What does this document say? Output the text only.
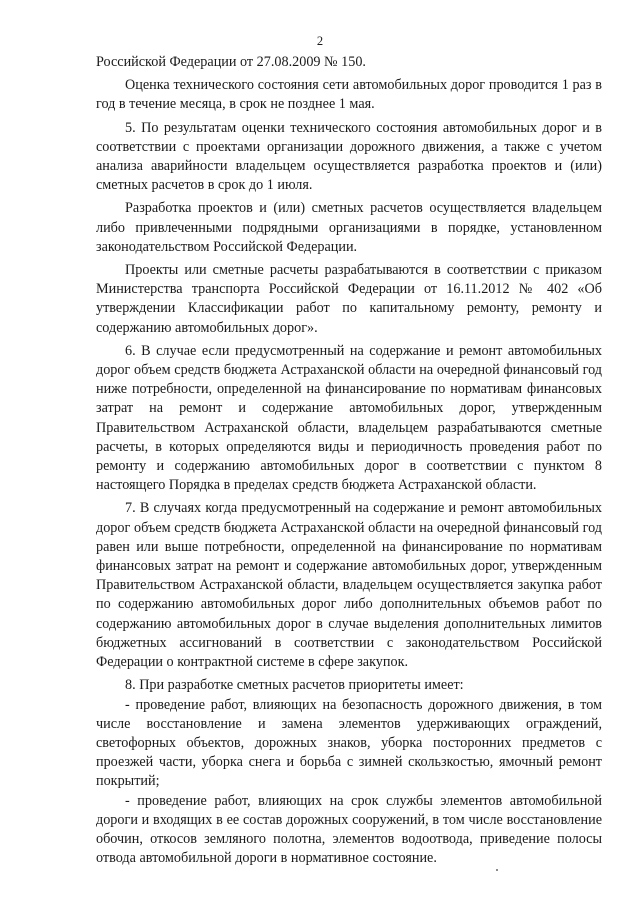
2

Российской Федерации от 27.08.2009 № 150.

Оценка технического состояния сети автомобильных дорог проводится 1 раз в год в течение месяца, в срок не позднее 1 мая.

5. По результатам оценки технического состояния автомобильных дорог и в соответствии с проектами организации дорожного движения, а также с учетом анализа аварийности владельцем осуществляется разработка проектов и (или) сметных расчетов в срок до 1 июля.

Разработка проектов и (или) сметных расчетов осуществляется владельцем либо привлеченными подрядными организациями в порядке, установленном законодательством Российской Федерации.

Проекты или сметные расчеты разрабатываются в соответствии с приказом Министерства транспорта Российской Федерации от 16.11.2012 № 402 «Об утверждении Классификации работ по капитальному ремонту, ремонту и содержанию автомобильных дорог».

6. В случае если предусмотренный на содержание и ремонт автомобильных дорог объем средств бюджета Астраханской области на очередной финансовый год ниже потребности, определенной на финансирование по нормативам финансовых затрат на ремонт и содержание автомобильных дорог, утвержденным Правительством Астраханской области, владельцем разрабатываются сметные расчеты, в которых определяются виды и периодичность проведения работ по ремонту и содержанию автомобильных дорог в соответствии с пунктом 8 настоящего Порядка в пределах средств бюджета Астраханской области.

7. В случаях когда предусмотренный на содержание и ремонт автомобильных дорог объем средств бюджета Астраханской области на очередной финансовый год равен или выше потребности, определенной на финансирование по нормативам финансовых затрат на ремонт и содержание автомобильных дорог, утвержденным Правительством Астраханской области, владельцем осуществляется закупка работ по содержанию автомобильных дорог либо дополнительных объемов работ по содержанию автомобильных дорог в случае выделения дополнительных лимитов бюджетных ассигнований в соответствии с законодательством Российской Федерации о контрактной системе в сфере закупок.

8. При разработке сметных расчетов приоритеты имеет:

- проведение работ, влияющих на безопасность дорожного движения, в том числе восстановление и замена элементов удерживающих ограждений, светофорных объектов, дорожных знаков, уборка посторонних предметов с проезжей части, уборка снега и борьба с зимней скользкостью, ямочный ремонт покрытий;

- проведение работ, влияющих на срок службы элементов автомобильной дороги и входящих в ее состав дорожных сооружений, в том числе восстановление обочин, откосов земляного полотна, элементов водоотвода, приведение полосы отвода автомобильной дороги в нормативное состояние.
